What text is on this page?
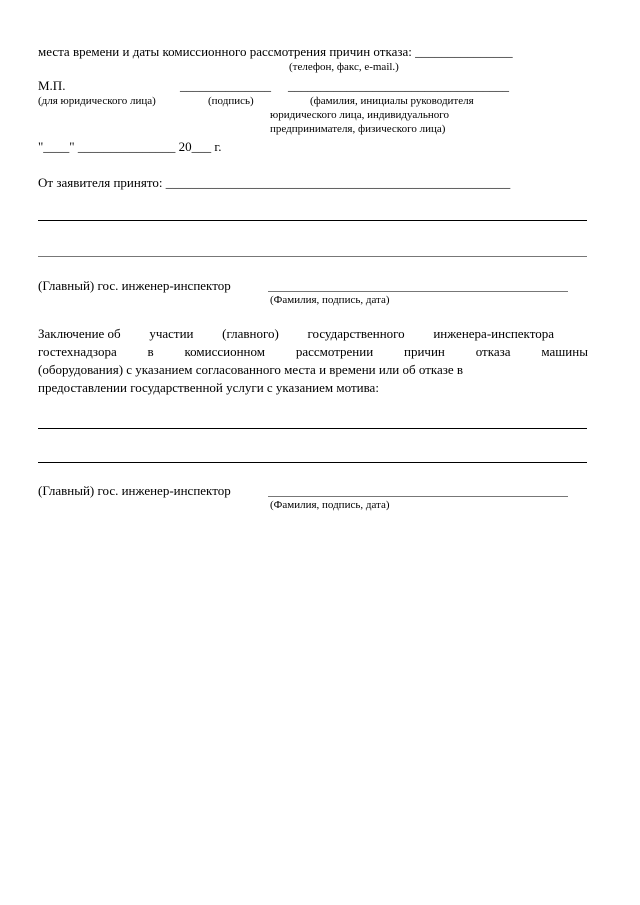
места времени и даты комиссионного рассмотрения причин отказа: _______________
(телефон, факс, e-mail.)
М.П.	______________ __________________________________
(для юридического лица)	(подпись)	(фамилия, инициалы руководителя
юридического лица, индивидуального
предпринимателя, физического лица)
"____" _______________ 20___ г.
От заявителя принято: _____________________________________________________
(Главный) гос. инженер-инспектор
(Фамилия, подпись, дата)
Заключение об участии (главного) государственного инженера-инспектора
гостехнадзора в комиссионном рассмотрении причин отказа машины
(оборудования) с указанием согласованного места и времени или об отказе в
предоставлении государственной услуги с указанием мотива:
(Главный) гос. инженер-инспектор
(Фамилия, подпись, дата)
